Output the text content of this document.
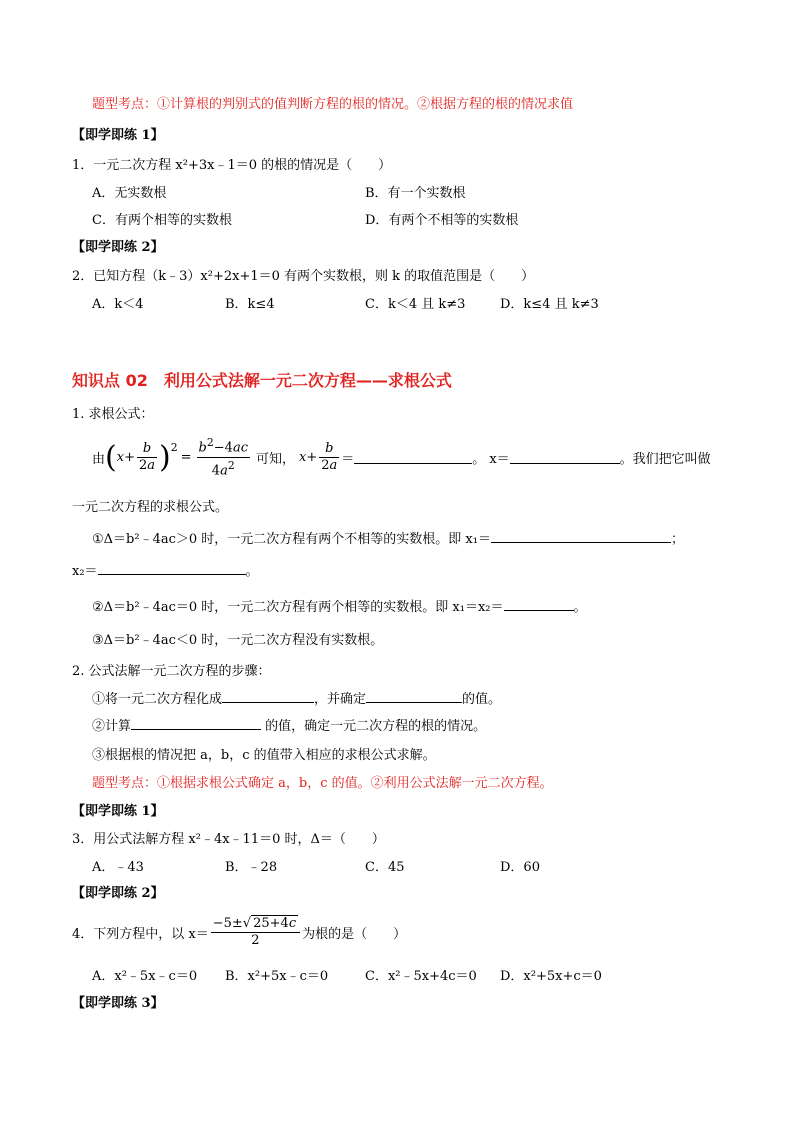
题型考点：①计算根的判别式的值判断方程的根的情况。②根据方程的根的情况求值
【即学即练 1】
1．一元二次方程 x²+3x﹣1＝0 的根的情况是（　　）
A．无实数根	B．有一个实数根
C．有两个相等的实数根	D．有两个不相等的实数根
【即学即练 2】
2．已知方程（k﹣3）x²+2x+1＝0 有两个实数根，则 k 的取值范围是（　　）
A．k＜4	B．k≤4	C．k＜4 且 k≠3	D．k≤4 且 k≠3
知识点 02　利用公式法解一元二次方程——求根公式
1. 求根公式：
由 ( $x + \frac{b}{2a} )^2$
= $\frac{b^2-4ac}{4a^2}$ 可知， $x+ \frac{b}{2a}$ ＝	。 x＝	。我们把它叫做
一元二次方程的求根公式。
①Δ＝b²﹣4ac＞0 时，一元二次方程有两个不相等的实数根。即 x₁＝	；
x₂＝	。
②Δ＝b²﹣4ac＝0 时，一元二次方程有两个相等的实数根。即 x₁＝x₂＝	。
③Δ＝b²﹣4ac＜0 时，一元二次方程没有实数根。
2. 公式法解一元二次方程的步骤：
①将一元二次方程化成	，并确定	的值。
②计算	的值，确定一元二次方程的根的情况。
③根据根的情况把 a，b，c 的值带入相应的求根公式求解。
题型考点：①根据求根公式确定 a，b，c 的值。②利用公式法解一元二次方程。
【即学即练 1】
3．用公式法解方程 x²﹣4x﹣11＝0 时，Δ＝（　　）
A．﹣43	B．﹣28	C．45	D．60
【即学即练 2】
4．下列方程中，以 $x= \frac{-5\pm√ 25+4c}{2}$ 为根的是（　　）
A．x²﹣5x﹣c＝0 B．x²+5x﹣c＝0	C．x²﹣5x+4c＝0 D．x²+5x+c＝0
【即学即练 3】
